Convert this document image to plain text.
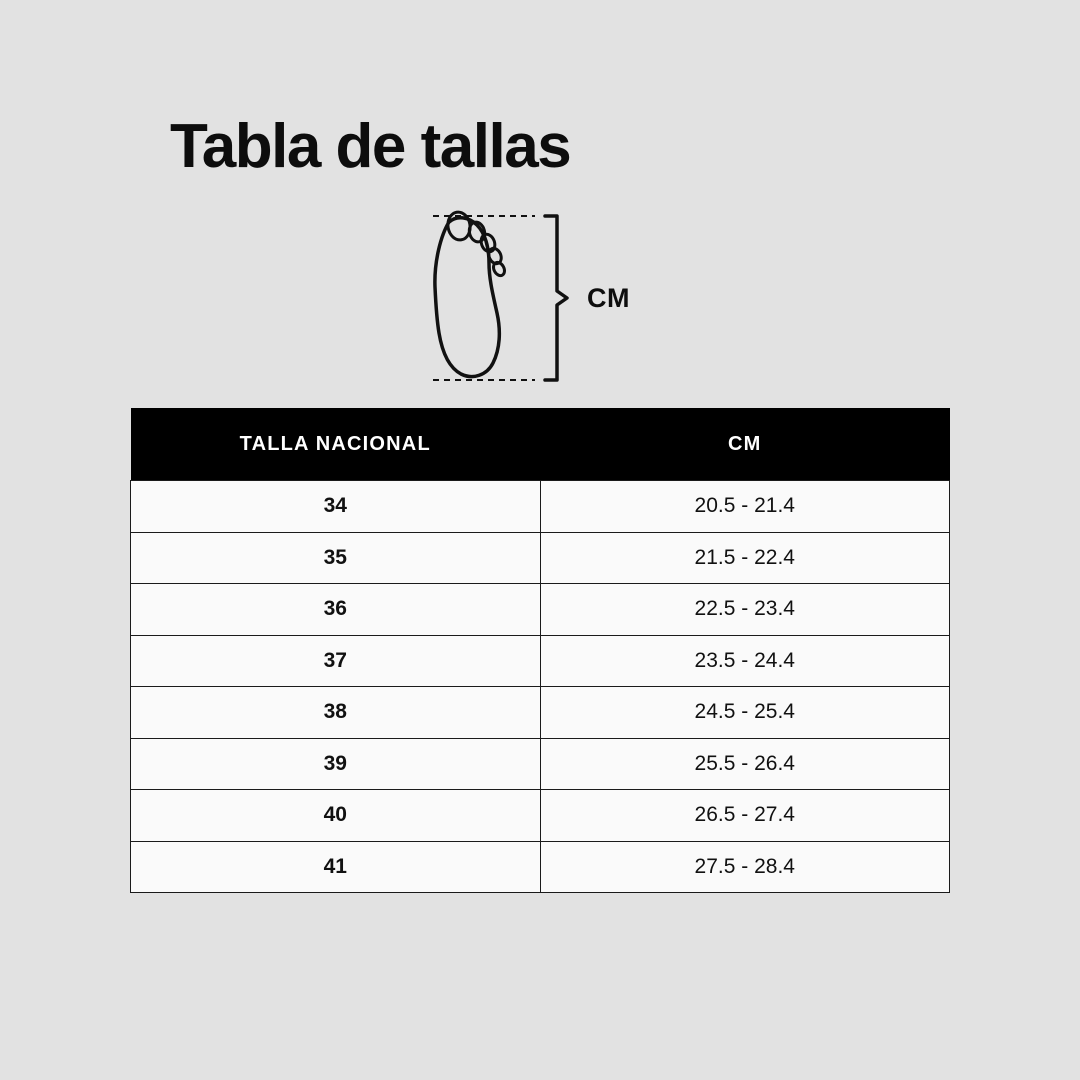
Tabla de tallas
CM
TALLA NACIONAL	CM
34	20.5 - 21.4
35	21.5 - 22.4
36	22.5 - 23.4
37	23.5 - 24.4
38	24.5 - 25.4
39	25.5 - 26.4
40	26.5 - 27.4
41	27.5 - 28.4
